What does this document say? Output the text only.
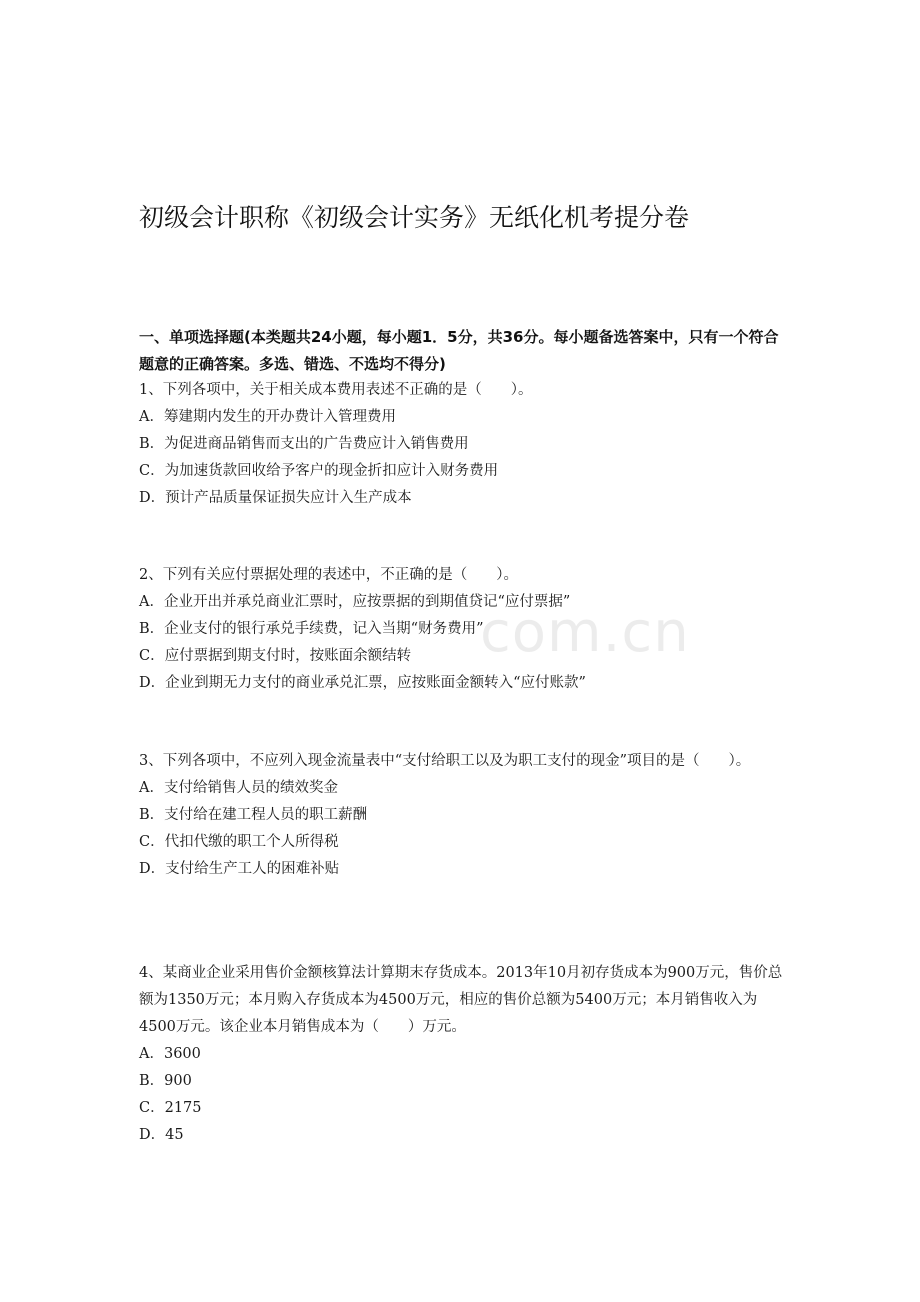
初级会计职称《初级会计实务》无纸化机考提分卷
一、单项选择题(本类题共24小题，每小题1．5分，共36分。每小题备选答案中，只有一个符合题意的正确答案。多选、错选、不选均不得分)

1、下列各项中，关于相关成本费用表述不正确的是（　　）。

A．筹建期内发生的开办费计入管理费用

B．为促进商品销售而支出的广告费应计入销售费用

C．为加速货款回收给予客户的现金折扣应计入财务费用

D．预计产品质量保证损失应计入生产成本

2、下列有关应付票据处理的表述中，不正确的是（　　）。

A．企业开出并承兑商业汇票时，应按票据的到期值贷记“应付票据”

B．企业支付的银行承兑手续费，记入当期“财务费用”

C．应付票据到期支付时，按账面余额结转

D．企业到期无力支付的商业承兑汇票，应按账面金额转入“应付账款”

3、下列各项中，不应列入现金流量表中“支付给职工以及为职工支付的现金”项目的是（　　）。

A．支付给销售人员的绩效奖金

B．支付给在建工程人员的职工薪酬

C．代扣代缴的职工个人所得税

D．支付给生产工人的困难补贴

4、某商业企业采用售价金额核算法计算期末存货成本。2013年10月初存货成本为900万元，售价总额为1350万元；本月购入存货成本为4500万元，相应的售价总额为5400万元；本月销售收入为4500万元。该企业本月销售成本为（　　）万元。

A．3600

B．900

C．2175

D．45

com.cn
